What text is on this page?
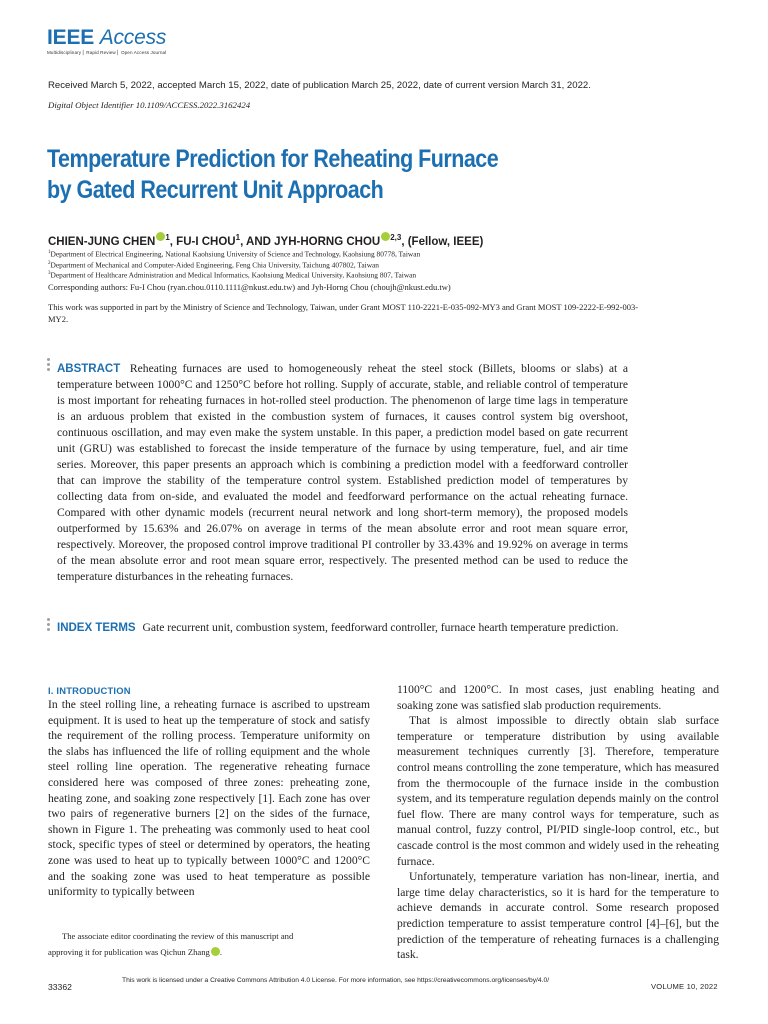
IEEE Access
Multidisciplinary ⎜ Rapid Review ⎜ Open Access Journal
Received March 5, 2022, accepted March 15, 2022, date of publication March 25, 2022, date of current version March 31, 2022.
Digital Object Identifier 10.1109/ACCESS.2022.3162424
Temperature Prediction for Reheating Furnace
by Gated Recurrent Unit Approach
CHIEN-JUNG CHEN $^1$, FU-I CHOU$^1$, AND JYH-HORNG CHOU $^{2,3}$, (Fellow, IEEE)
$^1$Department of Electrical Engineering, National Kaohsiung University of Science and Technology, Kaohsiung 80778, Taiwan
$^2$Department of Mechanical and Computer-Aided Engineering, Feng Chia University, Taichung 407802, Taiwan
$^3$Department of Healthcare Administration and Medical Informatics, Kaohsiung Medical University, Kaohsiung 807, Taiwan
Corresponding authors: Fu-I Chou (ryan.chou.0110.1111@nkust.edu.tw) and Jyh-Horng Chou (choujh@nkust.edu.tw)
This work was supported in part by the Ministry of Science and Technology, Taiwan, under Grant MOST 110-2221-E-035-092-MY3 and Grant MOST 109-2222-E-992-003-MY2.
ABSTRACT Reheating furnaces are used to homogeneously reheat the steel stock (Billets, blooms or slabs) at a temperature between 1000°C and 1250°C before hot rolling. Supply of accurate, stable, and reliable control of temperature is most important for reheating furnaces in hot-rolled steel production. The phenomenon of large time lags in temperature is an arduous problem that existed in the combustion system of furnaces, it causes control system big overshoot, continuous oscillation, and may even make the system unstable. In this paper, a prediction model based on gate recurrent unit (GRU) was established to forecast the inside temperature of the furnace by using temperature, fuel, and air time series. Moreover, this paper presents an approach which is combining a prediction model with a feedforward controller that can improve the stability of the temperature control system. Established prediction model of temperatures by collecting data from on-side, and evaluated the model and feedforward performance on the actual reheating furnace. Compared with other dynamic models (recurrent neural network and long short-term memory), the proposed models outperformed by 15.63% and 26.07% on average in terms of the mean absolute error and root mean square error, respectively. Moreover, the proposed control improve traditional PI controller by 33.43% and 19.92% on average in terms of the mean absolute error and root mean square error, respectively. The presented method can be used to reduce the temperature disturbances in the reheating furnaces.
INDEX TERMS Gate recurrent unit, combustion system, feedforward controller, furnace hearth temperature prediction.
I. INTRODUCTION

In the steel rolling line, a reheating furnace is ascribed to upstream equipment. It is used to heat up the temperature of stock and satisfy the requirement of the rolling process. Temperature uniformity on the slabs has influenced the life of rolling equipment and the whole steel rolling line operation. The regenerative reheating furnace considered here was composed of three zones: preheating zone, heating zone, and soaking zone respectively [1]. Each zone has over two pairs of regenerative burners [2] on the sides of the furnace, shown in Figure 1. The preheating was commonly used to heat cool stock, specific types of steel or determined by operators, the heating zone was used to heat up to typically between 1000°C and 1200°C and the soaking zone was used to heat temperature as possible uniformity to typically between

1100°C and 1200°C. In most cases, just enabling heating and soaking zone was satisfied slab production requirements.

That is almost impossible to directly obtain slab surface temperature or temperature distribution by using available measurement techniques currently [3]. Therefore, temperature control means controlling the zone temperature, which has measured from the thermocouple of the furnace inside in the combustion system, and its temperature regulation depends mainly on the control fuel flow. There are many control ways for temperature, such as manual control, fuzzy control, PI/PID single-loop control, etc., but cascade control is the most common and widely used in the reheating furnace.

Unfortunately, temperature variation has non-linear, inertia, and large time delay characteristics, so it is hard for the temperature to achieve demands in accurate control. Some research proposed prediction temperature to assist temperature control [4]–[6], but the prediction of the temperature of reheating furnaces is a challenging task.

The associate editor coordinating the review of this manuscript and
approving it for publication was Qichun Zhang .
33362
This work is licensed under a Creative Commons Attribution 4.0 License. For more information, see https://creativecommons.org/licenses/by/4.0/
VOLUME 10, 2022
